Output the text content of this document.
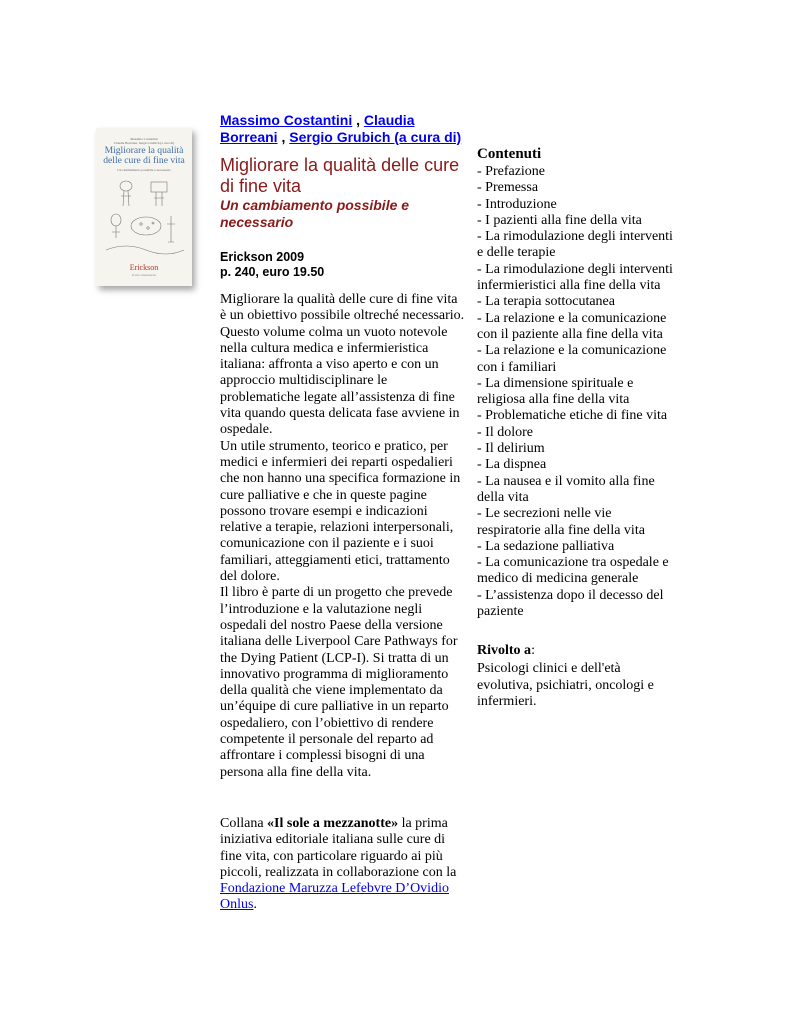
Massimo Costantini
Claudia Borreani, Sergio Grubich (a cura di)
Migliorare la qualità delle cure di fine vita
Un cambiamento possibile e necessario
Erickson
Il sole a mezzanotte
Massimo Costantini , Claudia Borreani , Sergio Grubich (a cura di)
Migliorare la qualità delle cure di fine vita
Un cambiamento possibile e necessario
Erickson 2009
p. 240, euro 19.50

Migliorare la qualità delle cure di fine vita è un obiettivo possibile oltreché necessario.

Questo volume colma un vuoto notevole nella cultura medica e infermieristica italiana: affronta a viso aperto e con un approccio multidisciplinare le problematiche legate all’assistenza di fine vita quando questa delicata fase avviene in ospedale.

Un utile strumento, teorico e pratico, per medici e infermieri dei reparti ospedalieri che non hanno una specifica formazione in cure palliative e che in queste pagine possono trovare esempi e indicazioni relative a terapie, relazioni interpersonali, comunicazione con il paziente e i suoi familiari, atteggiamenti etici, trattamento del dolore.

Il libro è parte di un progetto che prevede l’introduzione e la valutazione negli ospedali del nostro Paese della versione italiana delle Liverpool Care Pathways for the Dying Patient (LCP-I). Si tratta di un innovativo programma di miglioramento della qualità che viene implementato da un’équipe di cure palliative in un reparto ospedaliero, con l’obiettivo di rendere competente il personale del reparto ad affrontare i complessi bisogni di una persona alla fine della vita.

Collana «Il sole a mezzanotte» la prima iniziativa editoriale italiana sulle cure di fine vita, con particolare riguardo ai più piccoli, realizzata in collaborazione con la Fondazione Maruzza Lefebvre D’Ovidio Onlus.
Contenuti
- Prefazione
- Premessa
- Introduzione
- I pazienti alla fine della vita
- La rimodulazione degli interventi e delle terapie
- La rimodulazione degli interventi infermieristici alla fine della vita
- La terapia sottocutanea
- La relazione e la comunicazione con il paziente alla fine della vita
- La relazione e la comunicazione con i familiari
- La dimensione spirituale e religiosa alla fine della vita
- Problematiche etiche di fine vita
- Il dolore
- Il delirium
- La dispnea
- La nausea e il vomito alla fine della vita
- Le secrezioni nelle vie respiratorie alla fine della vita
- La sedazione palliativa
- La comunicazione tra ospedale e medico di medicina generale
- L’assistenza dopo il decesso del paziente
Rivolto a:
Psicologi clinici e dell'età evolutiva, psichiatri, oncologi e infermieri.
